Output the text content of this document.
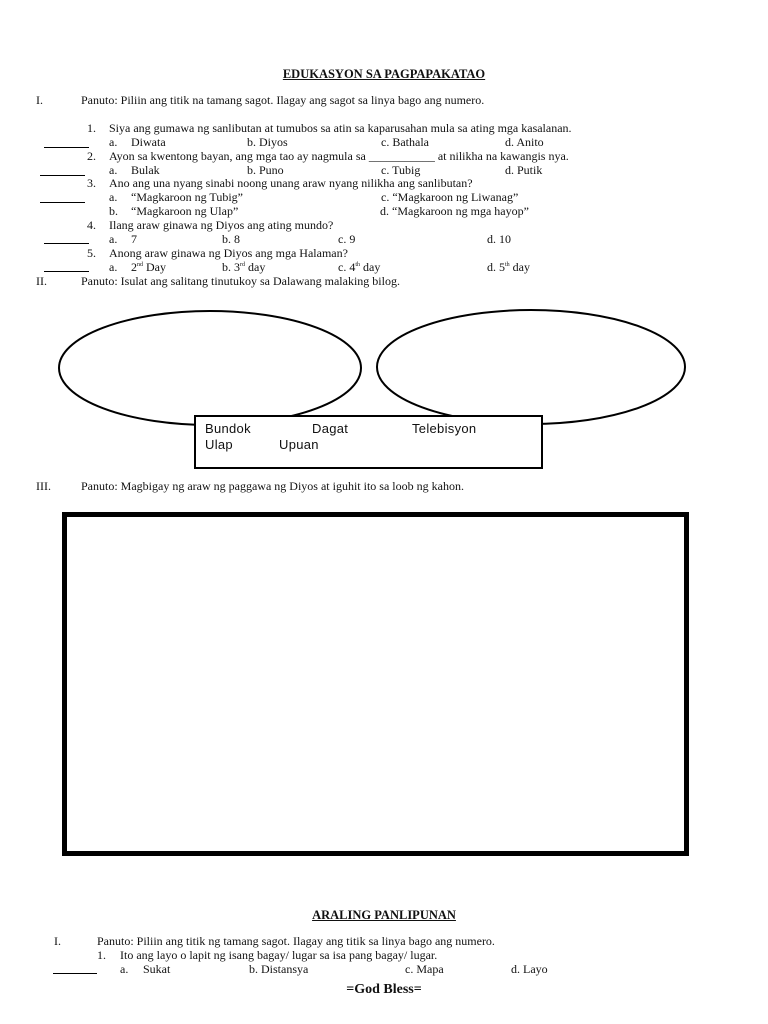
EDUKASYON SA PAGPAPAKATAO
I.	Panuto: Piliin ang titik na tamang sagot. Ilagay ang sagot sa linya bago ang numero.
1. Siya ang gumawa ng sanlibutan at tumubos sa atin sa kaparusahan mula sa ating mga kasalanan.
a. Diwata	b. Diyos	c. Bathala	d. Anito
2. Ayon sa kwentong bayan, ang mga tao ay nagmula sa ___________ at nilikha na kawangis nya.
a. Bulak	b. Puno	c. Tubig	d. Putik
3. Ano ang una nyang sinabi noong unang araw nyang nilikha ang sanlibutan?
a. “Magkaroon ng Tubig”	c. “Magkaroon ng Liwanag”
b. “Magkaroon ng Ulap”	d. “Magkaroon ng mga hayop”
4. Ilang araw ginawa ng Diyos ang ating mundo?
a. 7	b. 8	c. 9	d. 10
5. Anong araw ginawa ng Diyos ang mga Halaman?
a. 2nd Day	b. 3rd day	c. 4th day	d. 5th day
II.	Panuto: Isulat ang salitang tinutukoy sa Dalawang malaking bilog.
Bundok	Dagat	Telebisyon
Ulap	Upuan
III.	Panuto: Magbigay ng araw ng paggawa ng Diyos at iguhit ito sa loob ng kahon.
ARALING PANLIPUNAN
I.	Panuto: Piliin ang titik ng tamang sagot. Ilagay ang titik sa linya bago ang numero.
1. Ito ang layo o lapit ng isang bagay/ lugar sa isa pang bagay/ lugar.
a. Sukat	b. Distansya	c. Mapa	d. Layo
=God Bless=
